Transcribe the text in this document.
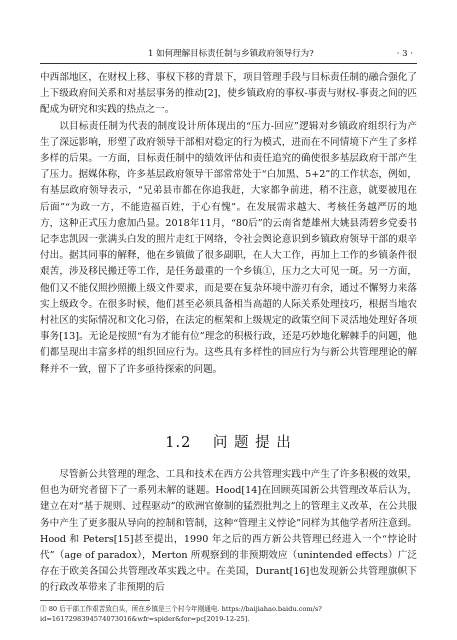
1 如何理解目标责任制与乡镇政府领导行为?	· 3 ·

中西部地区，在财权上移、事权下移的背景下，项目管理手段与目标责任制的融合强化了上下级政府间关系和对基层事务的推动[2]，使乡镇政府的事权-事责与财权-事责之间的匹配成为研究和实践的热点之一。

以目标责任制为代表的制度设计所体现出的“压力-回应”逻辑对乡镇政府组织行为产生了深远影响，形塑了政府领导干部相对稳定的行为模式，进而在不同情境下产生了多样多样的后果。一方面，目标责任制中的绩效评估和责任追究的确使很多基层政府干部产生了压力。据媒体称，许多基层政府领导干部常常处于“白加黑、5+2”的工作状态，例如，有基层政府领导表示，“兄弟县市都在你追我赶，大家都争前进，稍不注意，就要被甩在后面”“为政一方，不能造福百姓，于心有愧”。在发展需求越大、考核任务越严厉的地方，这种正式压力愈加凸显。2018年11月，“80后”的云南省楚雄州大姚县湾碧乡党委书记李忠凯因一张满头白发的照片走红于网络，令社会舆论意识到乡镇政府领导干部的艰辛付出。据其同事的解释，他在乡镇做了很多副职，在人大工作，再加上工作的乡镇条件很艰苦，涉及移民搬迁等工作，是任务最重的一个乡镇①，压力之大可见一斑。另一方面，他们又不能仅照抄照搬上级文件要求，而是要在复杂环境中游刃有余，通过不懈努力来落实上级政令。在很多时候，他们甚至必须具备相当高超的人际关系处理技巧，根据当地农村社区的实际情况和文化习俗，在法定的框架和上级规定的政策空间下灵活地处理好各项事务[13]。无论是按照“有为才能有位”理念的积极行政，还是巧妙地化解棘手的问题，他们都呈现出丰富多样的组织回应行为。这些具有多样性的回应行为与新公共管理理论的解释并不一致，留下了许多亟待探索的问题。

1.2 问 题 提 出

尽管新公共管理的理念、工具和技术在西方公共管理实践中产生了许多积极的效果，但也为研究者留下了一系列未解的谜题。Hood[14]在回顾英国新公共管理改革后认为，建立在对“基于规则、过程驱动”的欧洲官僚制的猛烈批判之上的管理主义改革，在公共服务中产生了更多服从导向的控制和管制，这种“管理主义悖论”同样为其他学者所注意到。Hood 和 Peters[15]甚至提出，1990 年之后的西方新公共管理已经进入一个“悖论时代”（age of paradox），Merton 所观察到的非预期效应（unintended effects）广泛存在于欧美各国公共管理改革实践之中。在美国，Durant[16]也发现新公共管理旗帜下的行政改革带来了非预期的后

① 80 后干部工作艰苦致白头，所在乡镇是三个村今年刚通电. https://baijiahao.baidu.com/s?id=1617298394574073016&wfr=spider&for=pc[2019-12-25].
